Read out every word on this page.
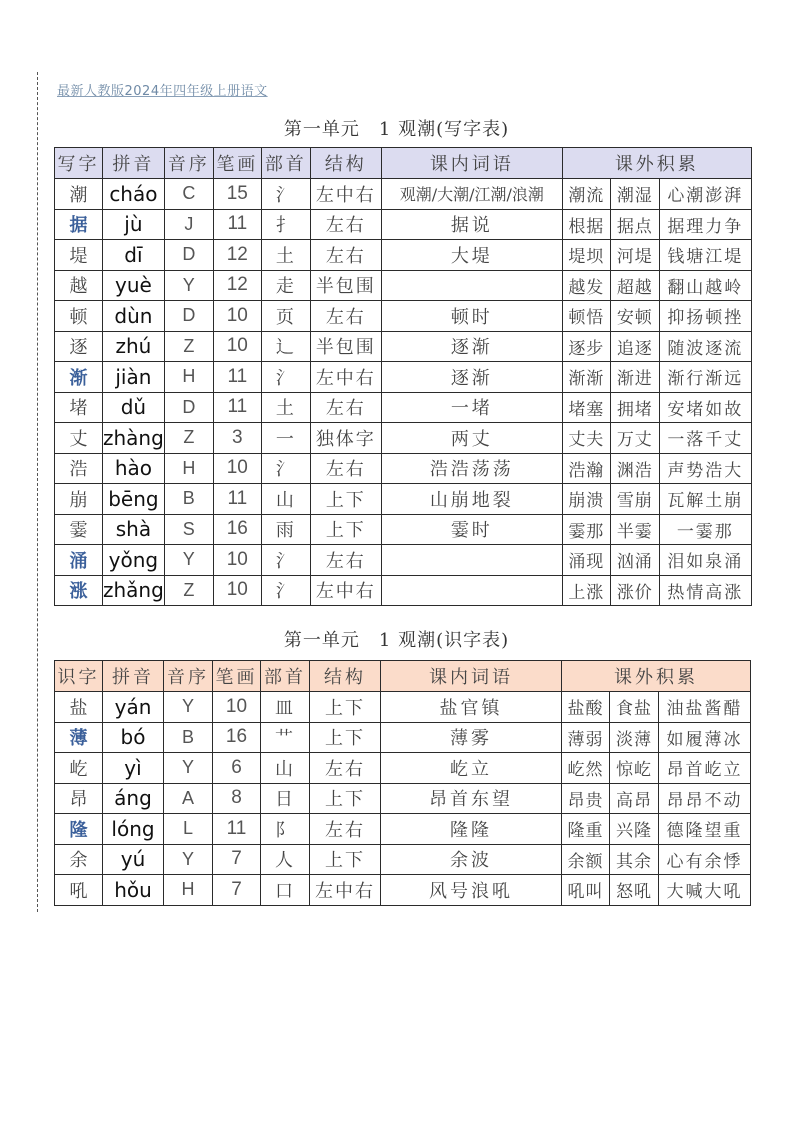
最新人教版2024年四年级上册语文
第一单元　1 观潮(写字表)
写字	拼音	音序	笔画	部首	结构	课内词语	课外积累		
潮	cháo	C	15	氵	左中右	观潮/大潮/江潮/浪潮	潮流	潮湿	心潮澎湃
据	jù	J	11	扌	左右	据说	根据	据点	据理力争
堤	dī	D	12	土	左右	大堤	堤坝	河堤	钱塘江堤
越	yuè	Y	12	走	半包围		越发	超越	翻山越岭
顿	dùn	D	10	页	左右	顿时	顿悟	安顿	抑扬顿挫
逐	zhú	Z	10	辶	半包围	逐渐	逐步	追逐	随波逐流
渐	jiàn	H	11	氵	左中右	逐渐	渐渐	渐进	渐行渐远
堵	dǔ	D	11	土	左右	一堵	堵塞	拥堵	安堵如故
丈	zhàng	Z	3	一	独体字	两丈	丈夫	万丈	一落千丈
浩	hào	H	10	氵	左右	浩浩荡荡	浩瀚	渊浩	声势浩大
崩	bēng	B	11	山	上下	山崩地裂	崩溃	雪崩	瓦解土崩
霎	shà	S	16	雨	上下	霎时	霎那	半霎	一霎那
涌	yǒng	Y	10	氵	左右		涌现	汹涌	泪如泉涌
涨	zhǎng	Z	10	氵	左中右		上涨	涨价	热情高涨
第一单元　1 观潮(识字表)
识字	拼音	音序	笔画	部首	结构	课内词语	课外积累		
盐	yán	Y	10	皿	上下	盐官镇	盐酸	食盐	油盐酱醋
薄	bó	B	16	艹	上下	薄雾	薄弱	淡薄	如履薄冰
屹	yì	Y	6	山	左右	屹立	屹然	惊屹	昂首屹立
昂	áng	A	8	日	上下	昂首东望	昂贵	高昂	昂昂不动
隆	lóng	L	11	阝	左右	隆隆	隆重	兴隆	德隆望重
余	yú	Y	7	人	上下	余波	余额	其余	心有余悸
吼	hǒu	H	7	口	左中右	风号浪吼	吼叫	怒吼	大喊大吼
